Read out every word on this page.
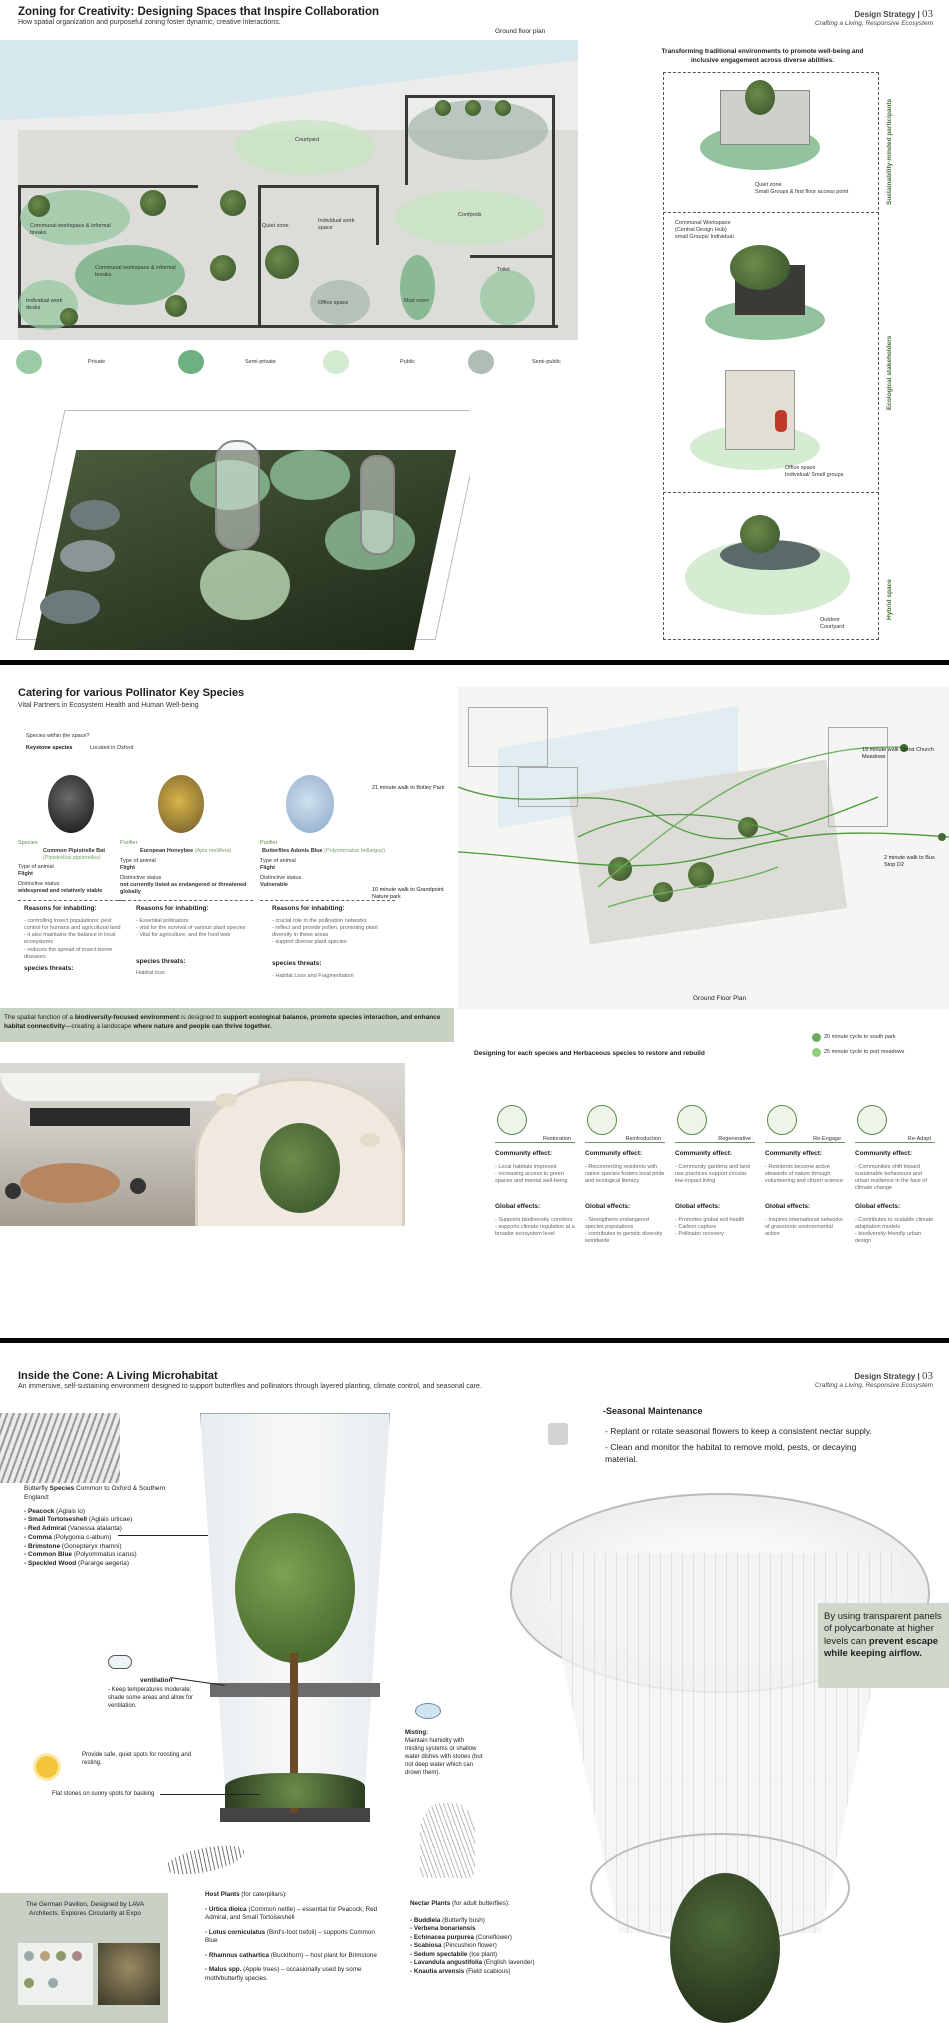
Zoning for Creativity: Designing Spaces that Inspire Collaboration
How spatial organization and purposeful zoning foster dynamic, creative interactions.
Design Strategy | 03
Crafting a Living, Responsive Ecosystem
Ground floor plan
Courtyard
Communal workspace & informal breaks
Communal workspace & informal breaks
Individual work desks
Office space
Individual work space
Quiet zone
Confpods
Mud room
Toilet
Private	Semi-private	Public	Semi-public
Transforming traditional environments to promote well-being and inclusive engagement across diverse abilities.
Quiet zone
Small Groups & first floor access point
Communal Workspace
(Central Design Hub)
small Groups/ Individual
Office space
Individual/ Small groups
Outdoor Courtyard
Sustainability-minded participants
Ecological stakeholders
Hybrid space
Catering for various Pollinator Key Species
Vital Partners in Ecosystem Health and Human Well-being
Species within the space?
Keystone species	Located in Oxford
Species
Common Pipistrelle Bat
(Pipistrellus pipistrellus)
Type of animal
Flight
Distinctive status
widespread and relatively stable
Reasons for inhabiting:
- controlling insect populations; pest control for humans and agricultural land
- it also maintains the balance in local ecosystems
- reduces the spread of insect-borne diseases
species threats:
Purifier
European Honeybee (Apis mellifera)
Type of animal
Flight
Distinctive status
not currently listed as endangered or threatened globally
Reasons for inhabiting:
- Essential pollinators
- vital for the survival of various plant species
- Vital for agriculture, and the food web
species threats:
Habitat loss
Purifier
Butterflies Adonis Blue (Polyommatus bellargus)
Type of animal
Flight
Distinctive status
Vulnerable
Reasons for inhabiting:
- crucial role in the pollination networks
- reflect and provide pollen, promoting plant diversity in these areas
- support diverse plant species
species threats:
- Habitat Loss and Fragmentation
The spatial function of a biodiversity-focused environment is designed to support ecological balance, promote species interaction, and enhance habitat connectivity—creating a landscape where nature and people can thrive together.
Ground Floor Plan
21 minute walk to Botley Park
19 minute walk Christ Church Meadows
2 minute walk to Bus Stop D2
10 minute walk to Grandpoint Nature park
20 minute cycle to south park
25 minute cycle to port meadows
Designing for each species and Herbaceous species to restore and rebuild
Restoration
Community effect:
- Local habitats improved
- increasing access to green spaces and mental well-being
Global effects:
- Supports biodiversity corridors
- supports climate regulation at a broader ecosystem level
Reintroduction
Community effect:
- Reconnecting residents with native species fosters local pride and ecological literacy
Global effects:
- Strengthens endangered species populations
- contributes to genetic diversity worldwide
Regenerative
Community effect:
- Community gardens and land use practices support circular low-impact living
Global effects:
- Promotes global soil health
- Carbon capture
- Pollinator recovery
Re-Engage
Community effect:
- Residents become active stewards of nature through volunteering and citizen science
Global effects:
- Inspires international networks of grassroots environmental action
Re-Adapt
Community effect:
- Communities shift toward sustainable behaviours and urban resilience in the face of climate change
Global effects:
- Contributes to scalable climate adaptation models
- biodiversity-friendly urban design
Inside the Cone: A Living Microhabitat
An immersive, self-sustaining environment designed to support butterflies and pollinators through layered planting, climate control, and seasonal care.
Design Strategy | 03
Crafting a Living, Responsive Ecosystem
Butterfly Species Common to Oxford & Southern England:
- Peacock (Aglais io)
- Small Tortoiseshell (Aglais urticae)
- Red Admiral (Vanessa atalanta)
- Comma (Polygonia c-album)
- Brimstone (Gonepteryx rhamni)
- Common Blue (Polyommatus icarus)
- Speckled Wood (Pararge aegeria)
ventilation
- Keep temperatures moderate; shade some areas and allow for ventilation.
Provide safe, quiet spots for roosting and resting.
Flat stones on sunny spots for basking
Misting:
Maintain humidity with misting systems or shallow water dishes with stones (but not deep water which can drown them).
-Seasonal Maintenance
- Replant or rotate seasonal flowers to keep a consistent nectar supply.
- Clean and monitor the habitat to remove mold, pests, or decaying material.
By using transparent panels of polycarbonate at higher levels can prevent escape while keeping airflow.
Host Plants (for caterpillars):
- Urtica dioica (Common nettle) – essential for Peacock, Red Admiral, and Small Tortoiseshell
- Lotus corniculatus (Bird's-foot trefoil) – supports Common Blue
- Rhamnus cathartica (Buckthorn) – host plant for Brimstone
- Malus spp. (Apple trees) – occasionally used by some moth/butterfly species.
Nectar Plants (for adult butterflies):
- Buddleia (Butterfly bush)
- Verbena bonariensis
- Echinacea purpurea (Coneflower)
- Scabiosa (Pincushion flower)
- Sedum spectabile (Ice plant)
- Lavandula angustifolia (English lavender)
- Knautia arvensis (Field scabious)
The German Pavilion, Designed by LAVA Architects, Explores Circularity at Expo
